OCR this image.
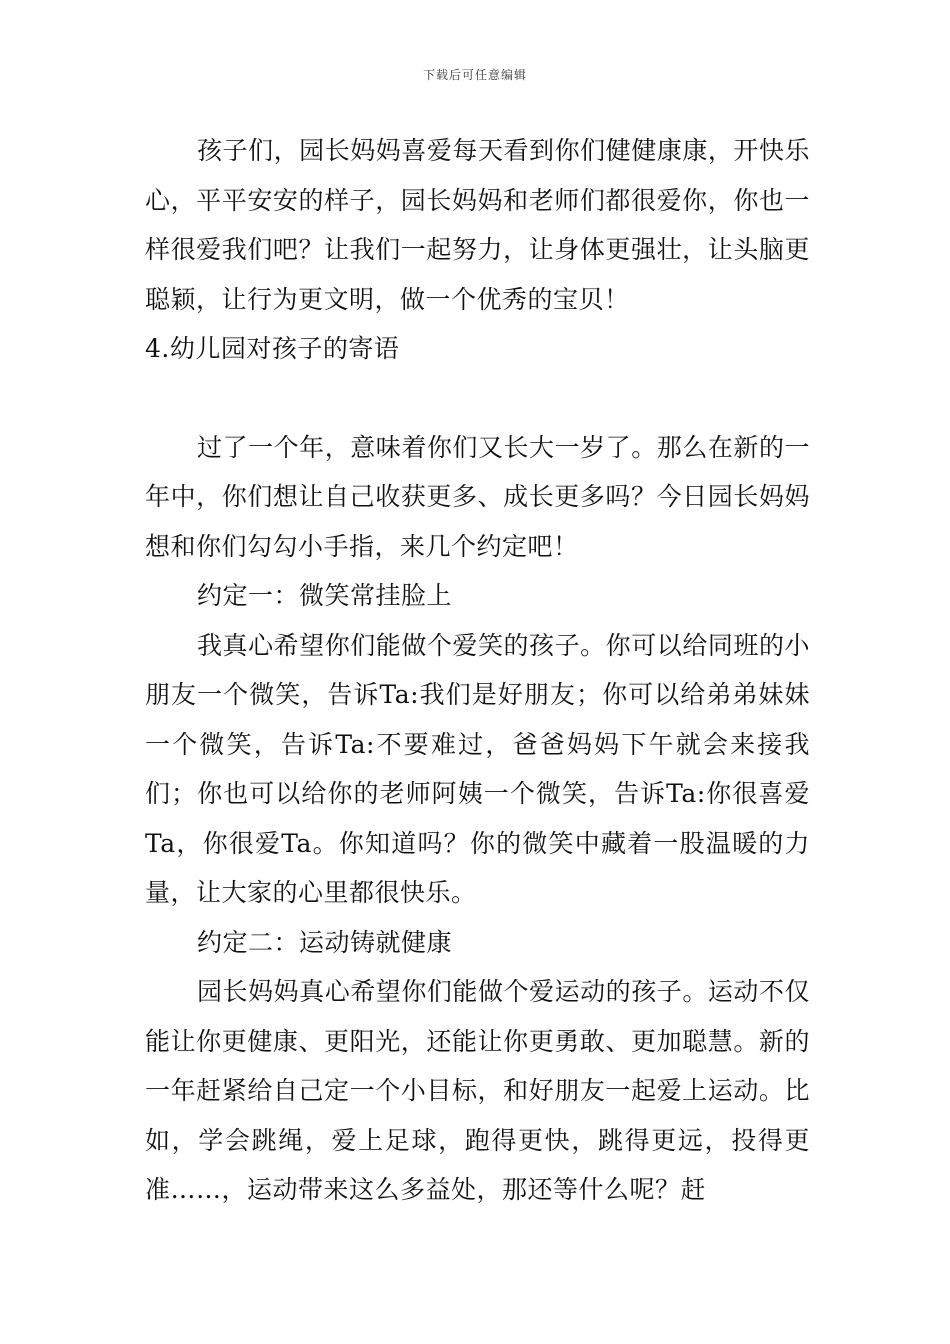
下载后可任意编辑

孩子们，园长妈妈喜爱每天看到你们健健康康，开快乐心，平平安安的样子，园长妈妈和老师们都很爱你，你也一样很爱我们吧？让我们一起努力，让身体更强壮，让头脑更聪颖，让行为更文明，做一个优秀的宝贝！

4.幼儿园对孩子的寄语

过了一个年，意味着你们又长大一岁了。那么在新的一年中，你们想让自己收获更多、成长更多吗？今日园长妈妈想和你们勾勾小手指，来几个约定吧！

约定一：微笑常挂脸上

我真心希望你们能做个爱笑的孩子。你可以给同班的小朋友一个微笑，告诉Ta:我们是好朋友；你可以给弟弟妹妹一个微笑，告诉Ta:不要难过，爸爸妈妈下午就会来接我们；你也可以给你的老师阿姨一个微笑，告诉Ta:你很喜爱Ta，你很爱Ta。你知道吗？你的微笑中藏着一股温暖的力量，让大家的心里都很快乐。

约定二：运动铸就健康

园长妈妈真心希望你们能做个爱运动的孩子。运动不仅能让你更健康、更阳光，还能让你更勇敢、更加聪慧。新的一年赶紧给自己定一个小目标，和好朋友一起爱上运动。比如，学会跳绳，爱上足球，跑得更快，跳得更远，投得更准……，运动带来这么多益处，那还等什么呢？赶
